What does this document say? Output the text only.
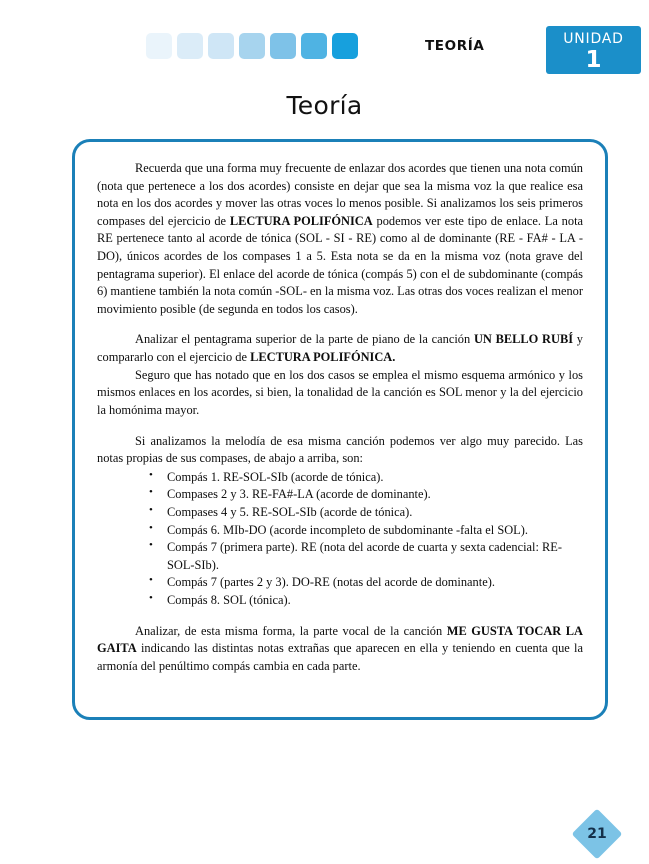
TEORÍA	UNIDAD
1
Teoría

Recuerda que una forma muy frecuente de enlazar dos acordes que tienen una nota común (nota que pertenece a los dos acordes) consiste en dejar que sea la misma voz la que realice esa nota en los dos acordes y mover las otras voces lo menos posible. Si analizamos los seis primeros compases del ejercicio de LECTURA POLIFÓNICA podemos ver este tipo de enlace. La nota RE pertenece tanto al acorde de tónica (SOL - SI - RE) como al de dominante (RE - FA# - LA - DO), únicos acordes de los compases 1 a 5. Esta nota se da en la misma voz (nota grave del pentagrama superior). El enlace del acorde de tónica (compás 5) con el de subdominante (compás 6) mantiene también la nota común -SOL- en la misma voz. Las otras dos voces realizan el menor movimiento posible (de segunda en todos los casos).

Analizar el pentagrama superior de la parte de piano de la canción UN BELLO RUBÍ y compararlo con el ejercicio de LECTURA POLIFÓNICA.

Seguro que has notado que en los dos casos se emplea el mismo esquema armónico y los mismos enlaces en los acordes, si bien, la tonalidad de la canción es SOL menor y la del ejercicio la homónima mayor.

Si analizamos la melodía de esa misma canción podemos ver algo muy parecido. Las notas propias de sus compases, de abajo a arriba, son:

• Compás 1. RE-SOL-SIb (acorde de tónica).
• Compases 2 y 3. RE-FA#-LA (acorde de dominante).
• Compases 4 y 5. RE-SOL-SIb (acorde de tónica).
• Compás 6. MIb-DO (acorde incompleto de subdominante -falta el SOL).
• Compás 7 (primera parte). RE (nota del acorde de cuarta y sexta cadencial: RE-SOL-SIb).
• Compás 7 (partes 2 y 3). DO-RE (notas del acorde de dominante).
• Compás 8. SOL (tónica).

Analizar, de esta misma forma, la parte vocal de la canción ME GUSTA TOCAR LA GAITA indicando las distintas notas extrañas que aparecen en ella y teniendo en cuenta que la armonía del penúltimo compás cambia en cada parte.

21
